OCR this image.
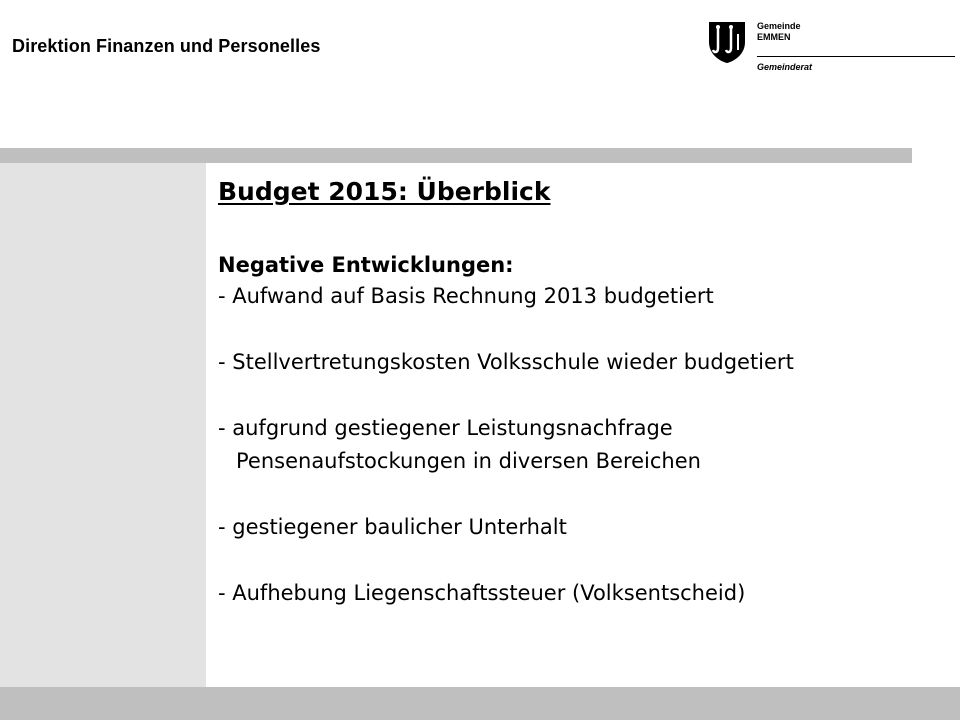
Direktion Finanzen und Personelles
Gemeinde
EMMEN
Gemeinderat
Budget 2015: Überblick
Negative Entwicklungen:
- Aufwand auf Basis Rechnung 2013 budgetiert
- Stellvertretungskosten Volksschule wieder budgetiert
- aufgrund gestiegener Leistungsnachfrage
Pensenaufstockungen in diversen Bereichen
- gestiegener baulicher Unterhalt
- Aufhebung Liegenschaftssteuer (Volksentscheid)
